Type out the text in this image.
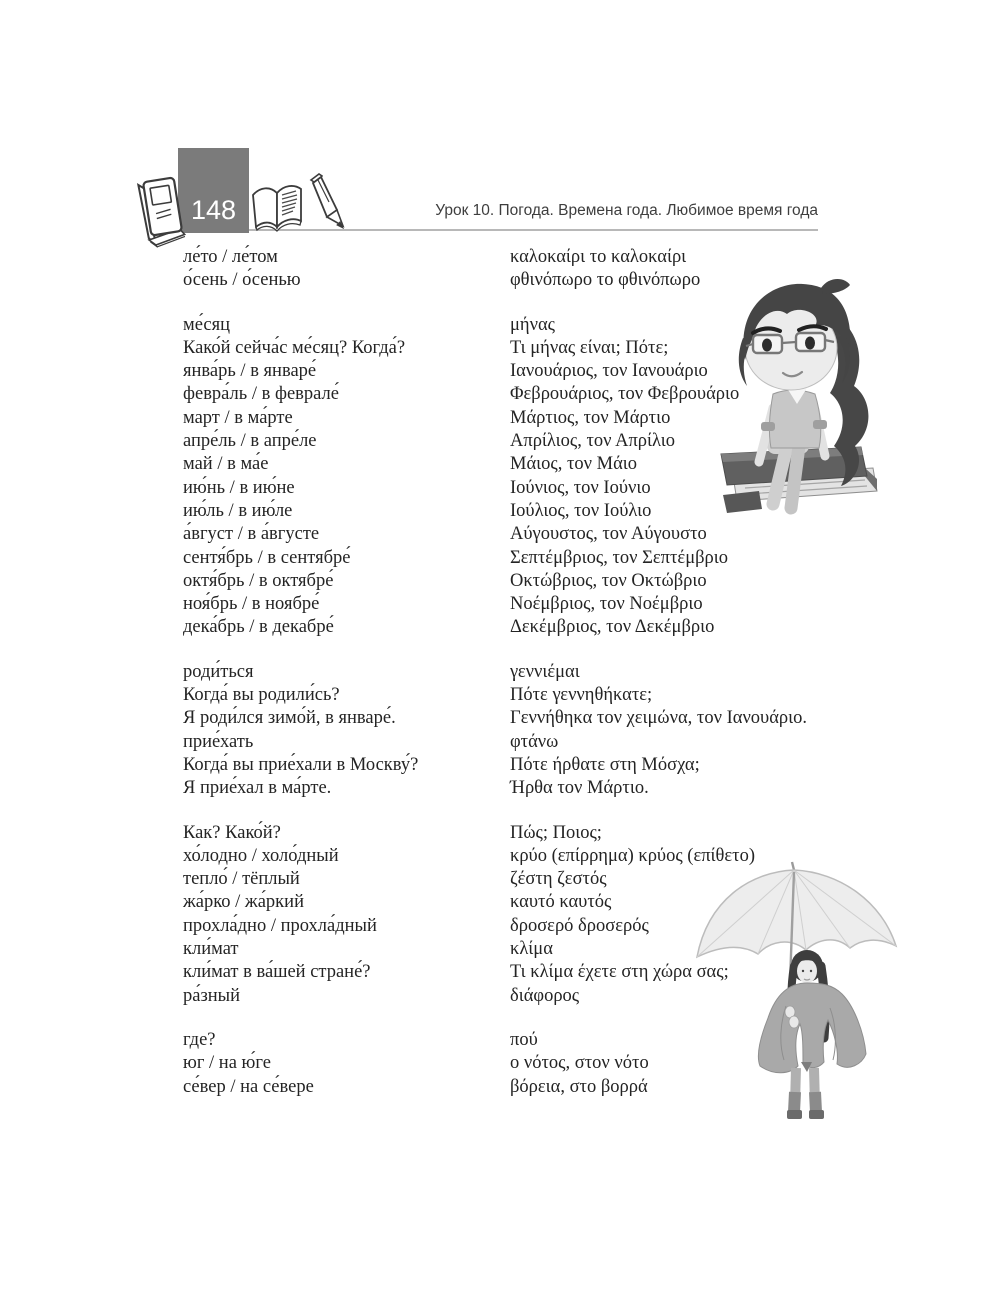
148	Урок 10. Погода. Времена года. Любимое время года
ле́то / ле́том	καλοκαίρι το καλοκαίρι
о́сень / о́сенью	φθινόπωρο το φθινόπωρο
ме́сяц	μήνας
Како́й сейча́с ме́сяц? Когда́?	Τι μήνας είναι; Πότε;
янва́рь / в январе́	Ιανουάριος, τον Ιανουάριο
февра́ль / в феврале́	Φεβρουάριος, τον Φεβρουάριο
март / в ма́рте	Μάρτιος, τον Μάρτιο
апре́ль / в апре́ле	Απρίλιος, τον Απρίλιο
май / в ма́е	Μάιος, τον Μάιο
ию́нь / в ию́не	Ιούνιος, τον Ιούνιο
ию́ль / в ию́ле	Ιούλιος, τον Ιούλιο
а́вгуст / в а́вгусте	Αύγουστος, τον Αύγουστο
сентя́брь / в сентябре́	Σεπτέμβριος, τον Σεπτέμβριο
октя́брь / в октябре́	Οκτώβριος, τον Οκτώβριο
ноя́брь / в ноябре́	Νοέμβριος, τον Νοέμβριο
дека́брь / в декабре́	Δεκέμβριος, τον Δεκέμβριο
роди́ться	γεννιέμαι
Когда́ вы родили́сь?	Πότε γεννηθήκατε;
Я роди́лся зимо́й, в январе́.	Γεννήθηκα τον χειμώνα, τον Ιανουάριο.
прие́хать	φτάνω
Когда́ вы прие́хали в Москву́?	Πότε ήρθατε στη Μόσχα;
Я прие́хал в ма́рте.	Ήρθα τον Μάρτιο.
Как? Како́й?	Πώς; Ποιος;
хо́лодно / холо́дный	κρύο (επίρρημα) κρύος (επίθετο)
тепло́ / тёплый	ζέστη ζεστός
жа́рко / жа́ркий	καυτό καυτός
прохла́дно / прохла́дный	δροσερό δροσερός
кли́мат	κλίμα
кли́мат в ва́шей стране́?	Τι κλίμα έχετε στη χώρα σας;
ра́зный	διάφορος
где?	πού
юг / на ю́ге	ο νότος, στον νότο
се́вер / на се́вере	βόρεια, στο βορρά
